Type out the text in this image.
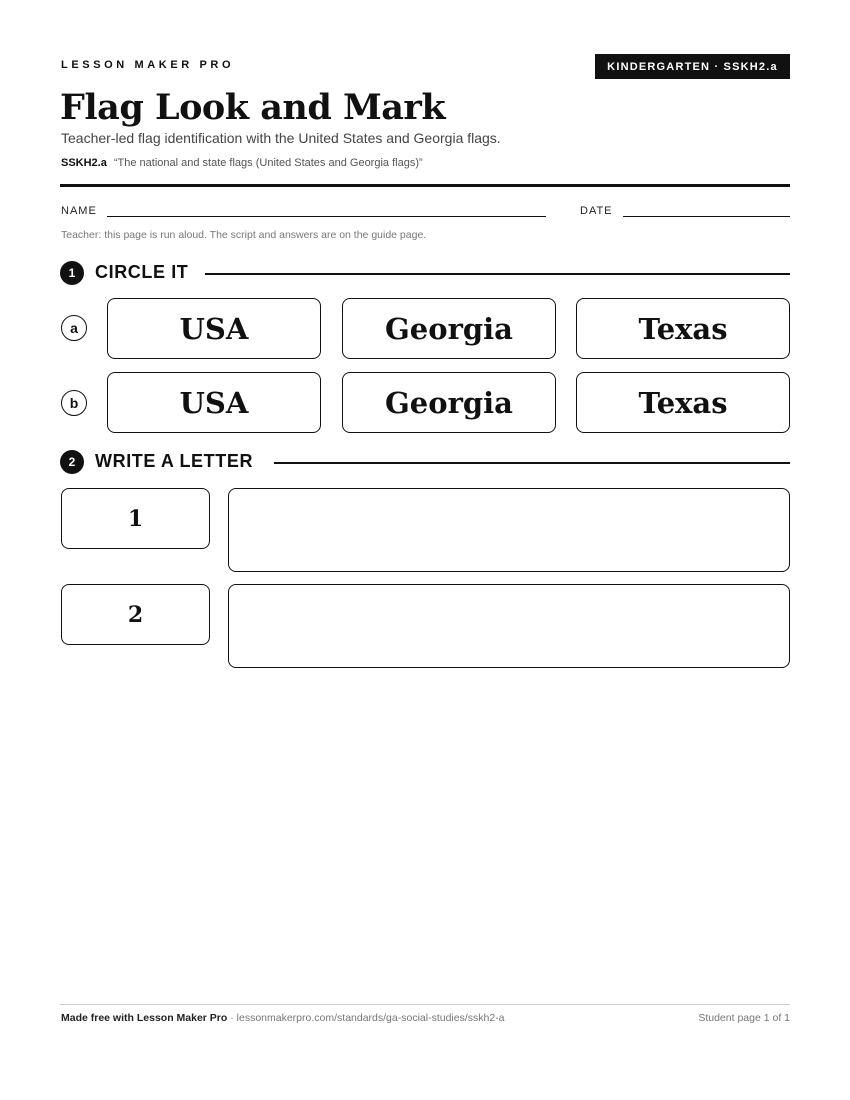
LESSON MAKER PRO	KINDERGARTEN · SSKH2.a
Flag Look and Mark
Teacher-led flag identification with the United States and Georgia flags.
SSKH2.a “The national and state flags (United States and Georgia flags)”
NAME	DATE
Teacher: this page is run aloud. The script and answers are on the guide page.
1	CIRCLE IT
a	USA	Georgia	Texas
b	USA	Georgia	Texas
2	WRITE A LETTER
1
2
Made free with Lesson Maker Pro · lessonmakerpro.com/standards/ga-social-studies/sskh2-a	Student page 1 of 1
